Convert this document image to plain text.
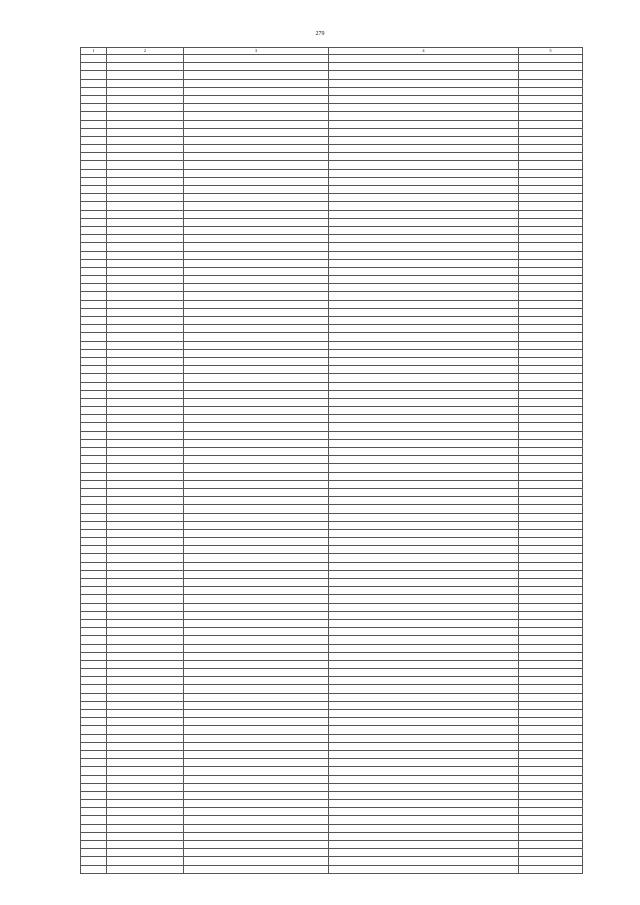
279
1	2	3	4	5
